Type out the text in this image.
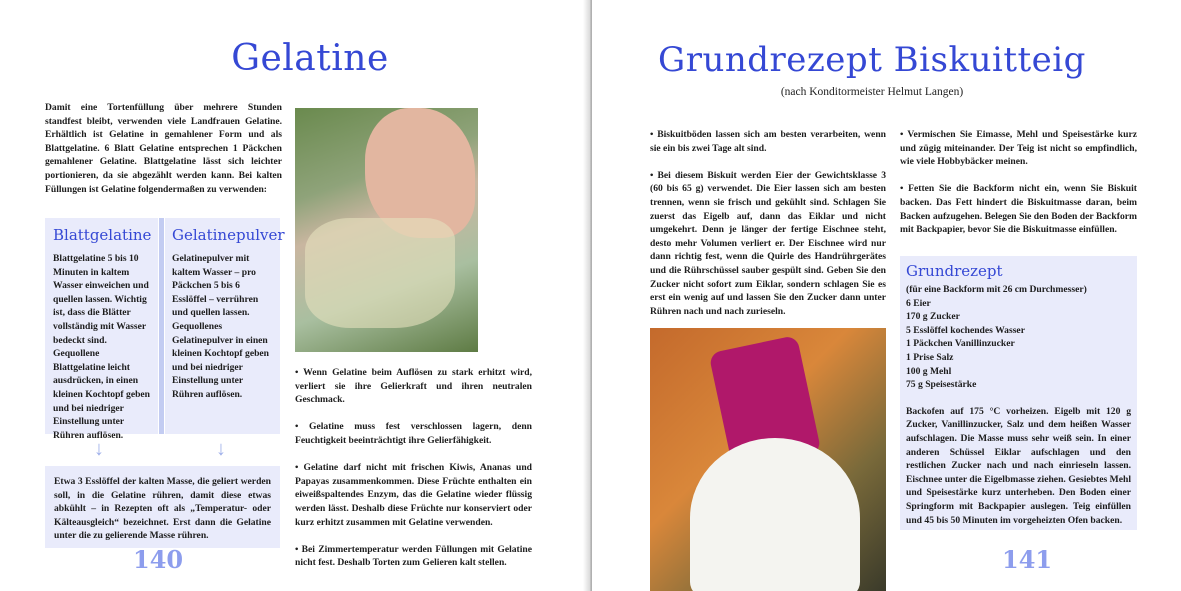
Gelatine
Damit eine Tortenfüllung über mehrere Stunden standfest bleibt, verwenden viele Landfrauen Gelatine. Erhältlich ist Gelatine in gemahlener Form und als Blattgelatine. 6 Blatt Gelatine entsprechen 1 Päckchen gemahlener Gelatine. Blattgelatine lässt sich leichter portionieren, da sie abgezählt werden kann. Bei kalten Füllungen ist Gelatine folgendermaßen zu verwenden:
Blattgelatine
Blattgelatine 5 bis 10 Minuten in kaltem Wasser einweichen und quellen lassen. Wichtig ist, dass die Blätter vollständig mit Wasser bedeckt sind. Gequollene Blattgelatine leicht ausdrücken, in einen kleinen Kochtopf geben und bei niedriger Einstellung unter Rühren auflösen.
Gelatinepulver
Gelatinepulver mit kaltem Wasser – pro Päckchen 5 bis 6 Esslöffel – verrühren und quellen lassen. Gequollenes Gelatinepulver in einen kleinen Kochtopf geben und bei niedriger Einstellung unter Rühren auflösen.
↓	↓
Etwa 3 Esslöffel der kalten Masse, die geliert werden soll, in die Gelatine rühren, damit diese etwas abkühlt – in Rezepten oft als „Temperatur- oder Kälteausgleich“ bezeichnet. Erst dann die Gelatine unter die zu gelierende Masse rühren.
140

• Wenn Gelatine beim Auflösen zu stark erhitzt wird, verliert sie ihre Gelierkraft und ihren neutralen Geschmack.

• Gelatine muss fest verschlossen lagern, denn Feuchtigkeit beeinträchtigt ihre Gelierfähigkeit.

• Gelatine darf nicht mit frischen Kiwis, Ananas und Papayas zusammenkommen. Diese Früchte enthalten ein eiweißspaltendes Enzym, das die Gelatine wieder flüssig werden lässt. Deshalb diese Früchte nur konserviert oder kurz erhitzt zusammen mit Gelatine verwenden.

• Bei Zimmertemperatur werden Füllungen mit Gelatine nicht fest. Deshalb Torten zum Gelieren kalt stellen.

Grundrezept Biskuitteig
(nach Konditormeister Helmut Langen)

• Biskuitböden lassen sich am besten verarbeiten, wenn sie ein bis zwei Tage alt sind.

• Bei diesem Biskuit werden Eier der Gewichtsklasse 3 (60 bis 65 g) verwendet. Die Eier lassen sich am besten trennen, wenn sie frisch und gekühlt sind. Schlagen Sie zuerst das Eigelb auf, dann das Eiklar und nicht umgekehrt. Denn je länger der fertige Eischnee steht, desto mehr Volumen verliert er. Der Eischnee wird nur dann richtig fest, wenn die Quirle des Handrührgerätes und die Rührschüssel sauber gespült sind. Geben Sie den Zucker nicht sofort zum Eiklar, sondern schlagen Sie es erst ein wenig auf und lassen Sie den Zucker dann unter Rühren nach und nach zurieseln.

• Vermischen Sie Eimasse, Mehl und Speisestärke kurz und zügig miteinander. Der Teig ist nicht so empfindlich, wie viele Hobbybäcker meinen.

• Fetten Sie die Backform nicht ein, wenn Sie Biskuit backen. Das Fett hindert die Biskuitmasse daran, beim Backen aufzugehen. Belegen Sie den Boden der Backform mit Backpapier, bevor Sie die Biskuitmasse einfüllen.

Grundrezept
(für eine Backform mit 26 cm Durchmesser)
6 Eier
170 g Zucker
5 Esslöffel kochendes Wasser
1 Päckchen Vanillinzucker
1 Prise Salz
100 g Mehl
75 g Speisestärke
Backofen auf 175 °C vorheizen. Eigelb mit 120 g Zucker, Vanillinzucker, Salz und dem heißen Wasser aufschlagen. Die Masse muss sehr weiß sein. In einer anderen Schüssel Eiklar aufschlagen und den restlichen Zucker nach und nach einrieseln lassen. Eischnee unter die Eigelbmasse ziehen. Gesiebtes Mehl und Speisestärke kurz unterheben. Den Boden einer Springform mit Backpapier auslegen. Teig einfüllen und 45 bis 50 Minuten im vorgeheizten Ofen backen.
141
